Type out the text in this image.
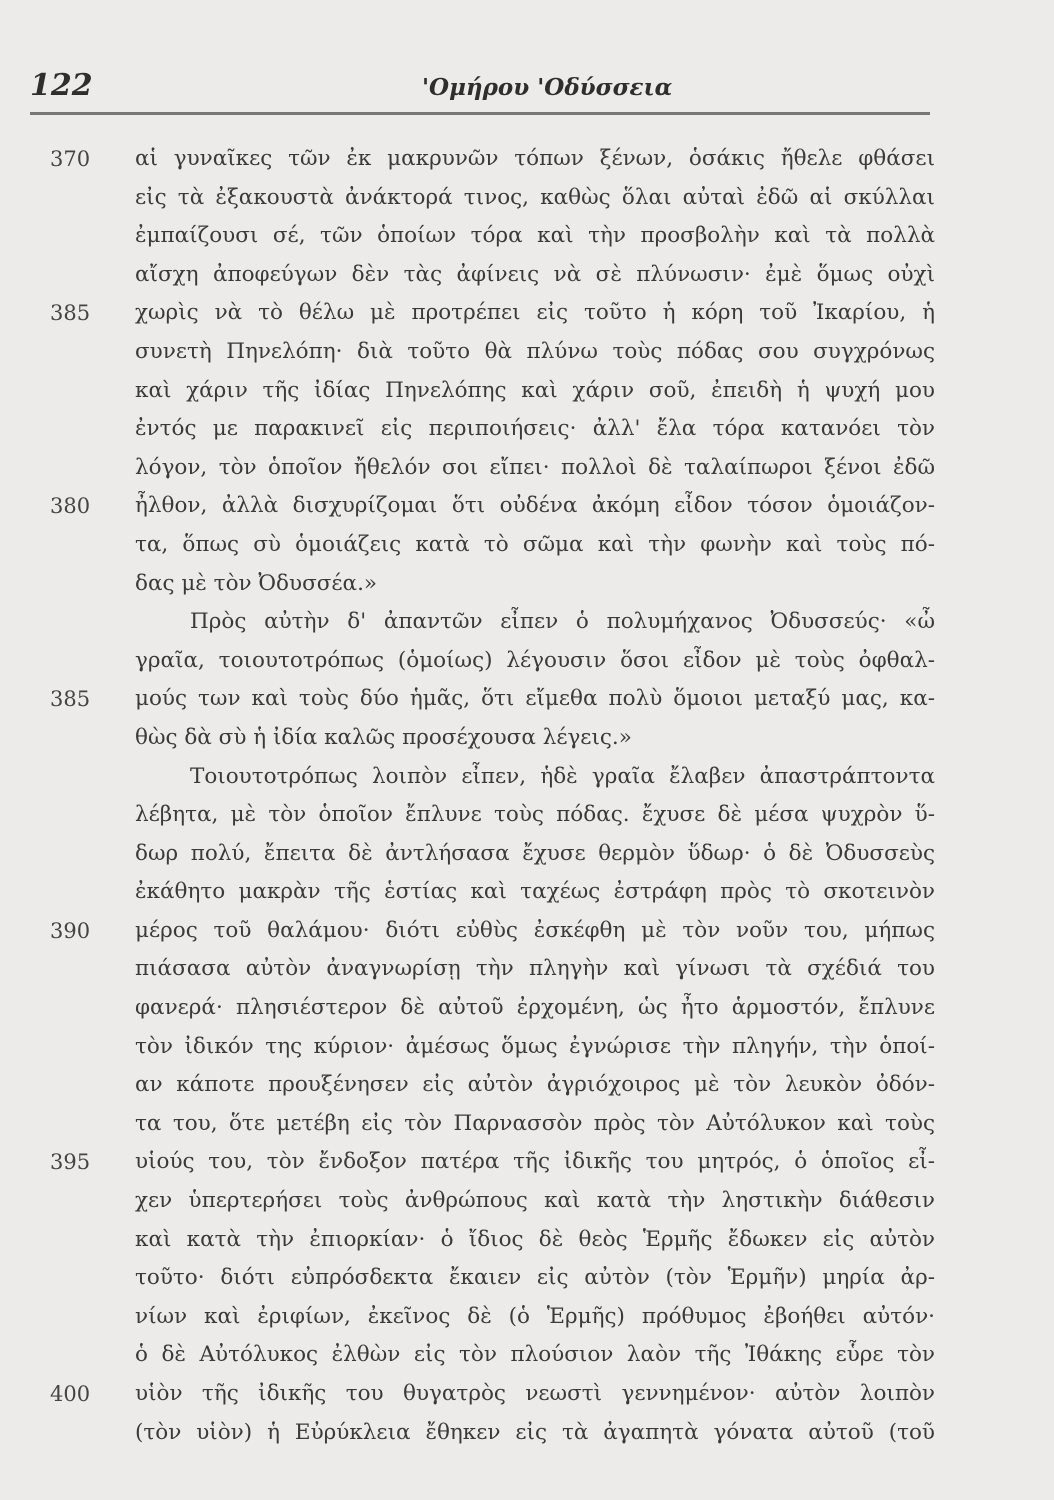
122	'Ομήρου 'Οδύσσεια
370 αἱ γυναῖκες τῶν ἐκ μακρυνῶν τόπων ξένων, ὁσάκις ἤθελε φθάσει
εἰς τὰ ἐξακουστὰ ἀνάκτορά τινος, καθὼς ὅλαι αὐταὶ ἐδῶ αἱ σκύλλαι
ἐμπαίζουσι σέ, τῶν ὁποίων τόρα καὶ τὴν προσβολὴν καὶ τὰ πολλὰ
αἴσχη ἀποφεύγων δὲν τὰς ἀφίνεις νὰ σὲ πλύνωσιν· ἐμὲ ὅμως οὐχὶ
385 χωρὶς νὰ τὸ θέλω μὲ προτρέπει εἰς τοῦτο ἡ κόρη τοῦ Ἰκαρίου, ἡ
συνετὴ Πηνελόπη· διὰ τοῦτο θὰ πλύνω τοὺς πόδας σου συγχρόνως
καὶ χάριν τῆς ἰδίας Πηνελόπης καὶ χάριν σοῦ, ἐπειδὴ ἡ ψυχή μου
ἐντός με παρακινεῖ εἰς περιποιήσεις· ἀλλ' ἔλα τόρα κατανόει τὸν
λόγον, τὸν ὁποῖον ἤθελόν σοι εἴπει· πολλοὶ δὲ ταλαίπωροι ξένοι ἐδῶ
380 ἦλθον, ἀλλὰ δισχυρίζομαι ὅτι οὐδένα ἀκόμη εἶδον τόσον ὁμοιάζον-
τα, ὅπως σὺ ὁμοιάζεις κατὰ τὸ σῶμα καὶ τὴν φωνὴν καὶ τοὺς πό-
δας μὲ τὸν Ὀδυσσέα.»
Πρὸς αὐτὴν δ' ἀπαντῶν εἶπεν ὁ πολυμήχανος Ὀδυσσεύς· «ὦ
γραῖα, τοιουτοτρόπως (ὁμοίως) λέγουσιν ὅσοι εἶδον μὲ τοὺς ὀφθαλ-
385 μούς των καὶ τοὺς δύο ἡμᾶς, ὅτι εἴμεθα πολὺ ὅμοιοι μεταξύ μας, κα-
θὼς δὰ σὺ ἡ ἰδία καλῶς προσέχουσα λέγεις.»
Τοιουτοτρόπως λοιπὸν εἶπεν, ἡδὲ γραῖα ἔλαβεν ἀπαστράπτοντα
λέβητα, μὲ τὸν ὁποῖον ἔπλυνε τοὺς πόδας. ἔχυσε δὲ μέσα ψυχρὸν ὕ-
δωρ πολύ, ἔπειτα δὲ ἀντλήσασα ἔχυσε θερμὸν ὕδωρ· ὁ δὲ Ὀδυσσεὺς
ἐκάθητο μακρὰν τῆς ἑστίας καὶ ταχέως ἐστράφη πρὸς τὸ σκοτεινὸν
390 μέρος τοῦ θαλάμου· διότι εὐθὺς ἐσκέφθη μὲ τὸν νοῦν του, μήπως
πιάσασα αὐτὸν ἀναγνωρίσῃ τὴν πληγὴν καὶ γίνωσι τὰ σχέδιά του
φανερά· πλησιέστερον δὲ αὐτοῦ ἐρχομένη, ὡς ἦτο ἁρμοστόν, ἔπλυνε
τὸν ἰδικόν της κύριον· ἀμέσως ὅμως ἐγνώρισε τὴν πληγήν, τὴν ὁποί-
αν κάποτε προυξένησεν εἰς αὐτὸν ἀγριόχοιρος μὲ τὸν λευκὸν ὀδόν-
τα του, ὅτε μετέβη εἰς τὸν Παρνασσὸν πρὸς τὸν Αὐτόλυκον καὶ τοὺς
395 υἱούς του, τὸν ἔνδοξον πατέρα τῆς ἰδικῆς του μητρός, ὁ ὁποῖος εἶ-
χεν ὑπερτερήσει τοὺς ἀνθρώπους καὶ κατὰ τὴν ληστικὴν διάθεσιν
καὶ κατὰ τὴν ἐπιορκίαν· ὁ ἴδιος δὲ θεὸς Ἑρμῆς ἔδωκεν εἰς αὐτὸν
τοῦτο· διότι εὐπρόσδεκτα ἔκαιεν εἰς αὐτὸν (τὸν Ἑρμῆν) μηρία ἀρ-
νίων καὶ ἐριφίων, ἐκεῖνος δὲ (ὁ Ἑρμῆς) πρόθυμος ἐβοήθει αὐτόν·
ὁ δὲ Αὐτόλυκος ἐλθὼν εἰς τὸν πλούσιον λαὸν τῆς Ἰθάκης εὗρε τὸν
400 υἱὸν τῆς ἰδικῆς του θυγατρὸς νεωστὶ γεννημένον· αὐτὸν λοιπὸν
(τὸν υἱὸν) ἡ Εὐρύκλεια ἔθηκεν εἰς τὰ ἀγαπητὰ γόνατα αὐτοῦ (τοῦ
